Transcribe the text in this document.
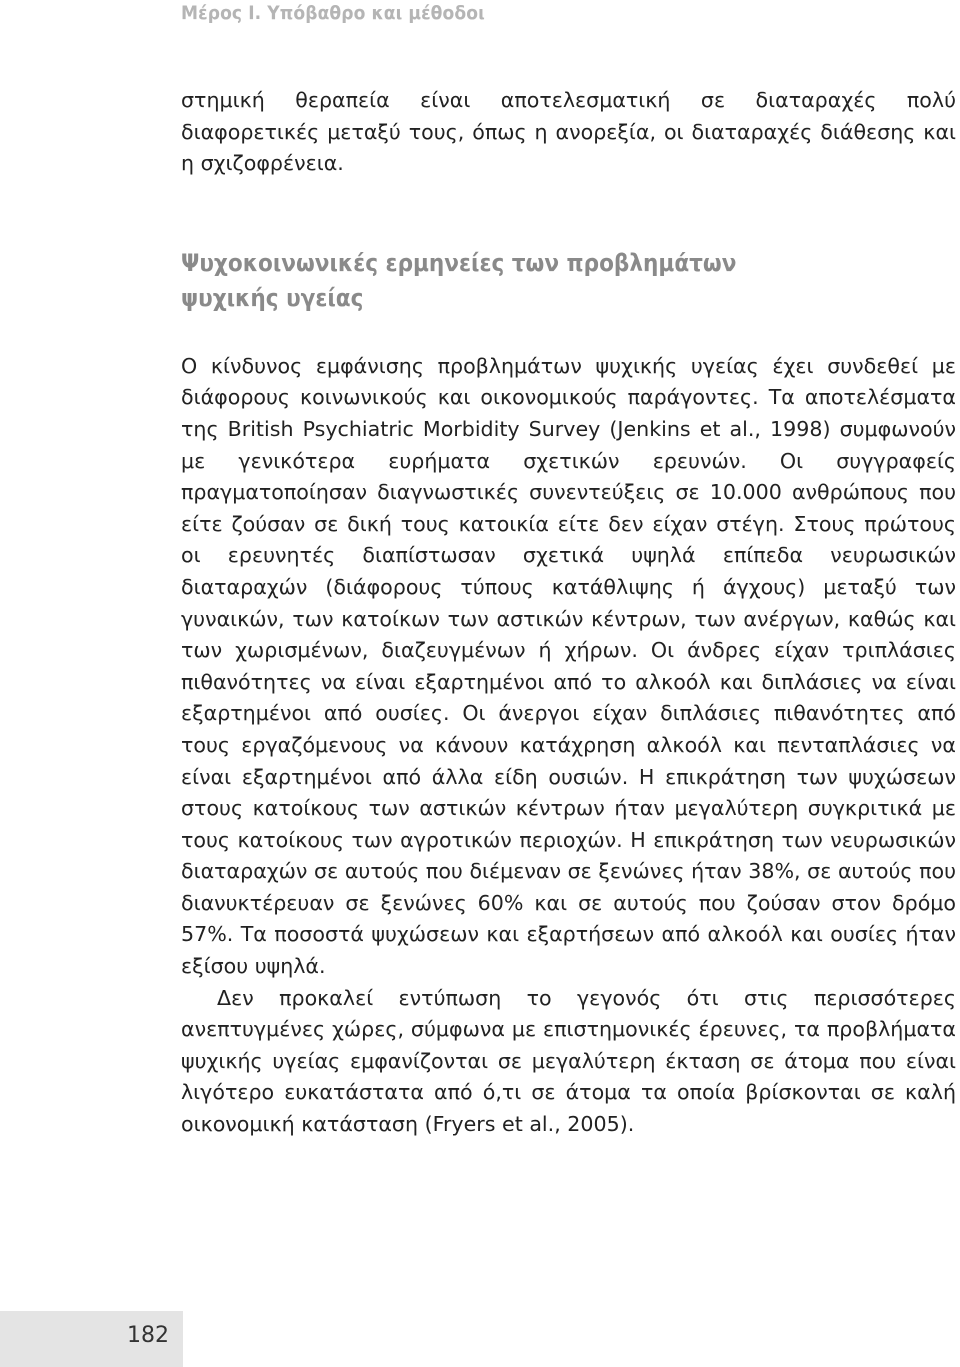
Μέρος Ι. Υπόβαθρο και μέθοδοι

στημική θεραπεία είναι αποτελεσματική σε διαταραχές πολύ διαφορετικές μεταξύ τους, όπως η ανορεξία, οι διαταραχές διάθεσης και η σχιζοφρένεια.

Ψυχοκοινωνικές ερμηνείες των προβλημάτων
ψυχικής υγείας

Ο κίνδυνος εμφάνισης προβλημάτων ψυχικής υγείας έχει συνδεθεί με διάφορους κοινωνικούς και οικονομικούς παράγοντες. Τα αποτελέσματα της British Psychiatric Morbidity Survey (Jenkins et al., 1998) συμφωνούν με γενικότερα ευρήματα σχετικών ερευνών. Οι συγγραφείς πραγματοποίησαν διαγνωστικές συνεντεύξεις σε 10.000 ανθρώπους που είτε ζούσαν σε δική τους κατοικία είτε δεν είχαν στέγη. Στους πρώτους οι ερευνητές διαπίστωσαν σχετικά υψηλά επίπεδα νευρωσικών διαταραχών (διάφορους τύπους κατάθλιψης ή άγχους) μεταξύ των γυναικών, των κατοίκων των αστικών κέντρων, των ανέργων, καθώς και των χωρισμένων, διαζευγμένων ή χήρων. Οι άνδρες είχαν τριπλάσιες πιθανότητες να είναι εξαρτημένοι από το αλκοόλ και διπλάσιες να είναι εξαρτημένοι από ουσίες. Οι άνεργοι είχαν διπλάσιες πιθανότητες από τους εργαζόμενους να κάνουν κατάχρηση αλκοόλ και πενταπλάσιες να είναι εξαρτημένοι από άλλα είδη ουσιών. Η επικράτηση των ψυχώσεων στους κατοίκους των αστικών κέντρων ήταν μεγαλύτερη συγκριτικά με τους κατοίκους των αγροτικών περιοχών. Η επικράτηση των νευρωσικών διαταραχών σε αυτούς που διέμεναν σε ξενώνες ήταν 38%, σε αυτούς που διανυκτέρευαν σε ξενώνες 60% και σε αυτούς που ζούσαν στον δρόμο 57%. Τα ποσοστά ψυχώσεων και εξαρτήσεων από αλκοόλ και ουσίες ήταν εξίσου υψηλά.

Δεν προκαλεί εντύπωση το γεγονός ότι στις περισσότερες ανεπτυγμένες χώρες, σύμφωνα με επιστημονικές έρευνες, τα προβλήματα ψυχικής υγείας εμφανίζονται σε μεγαλύτερη έκταση σε άτομα που είναι λιγότερο ευκατάστατα από ό,τι σε άτομα τα οποία βρίσκονται σε καλή οικονομική κατάσταση (Fryers et al., 2005).

182
